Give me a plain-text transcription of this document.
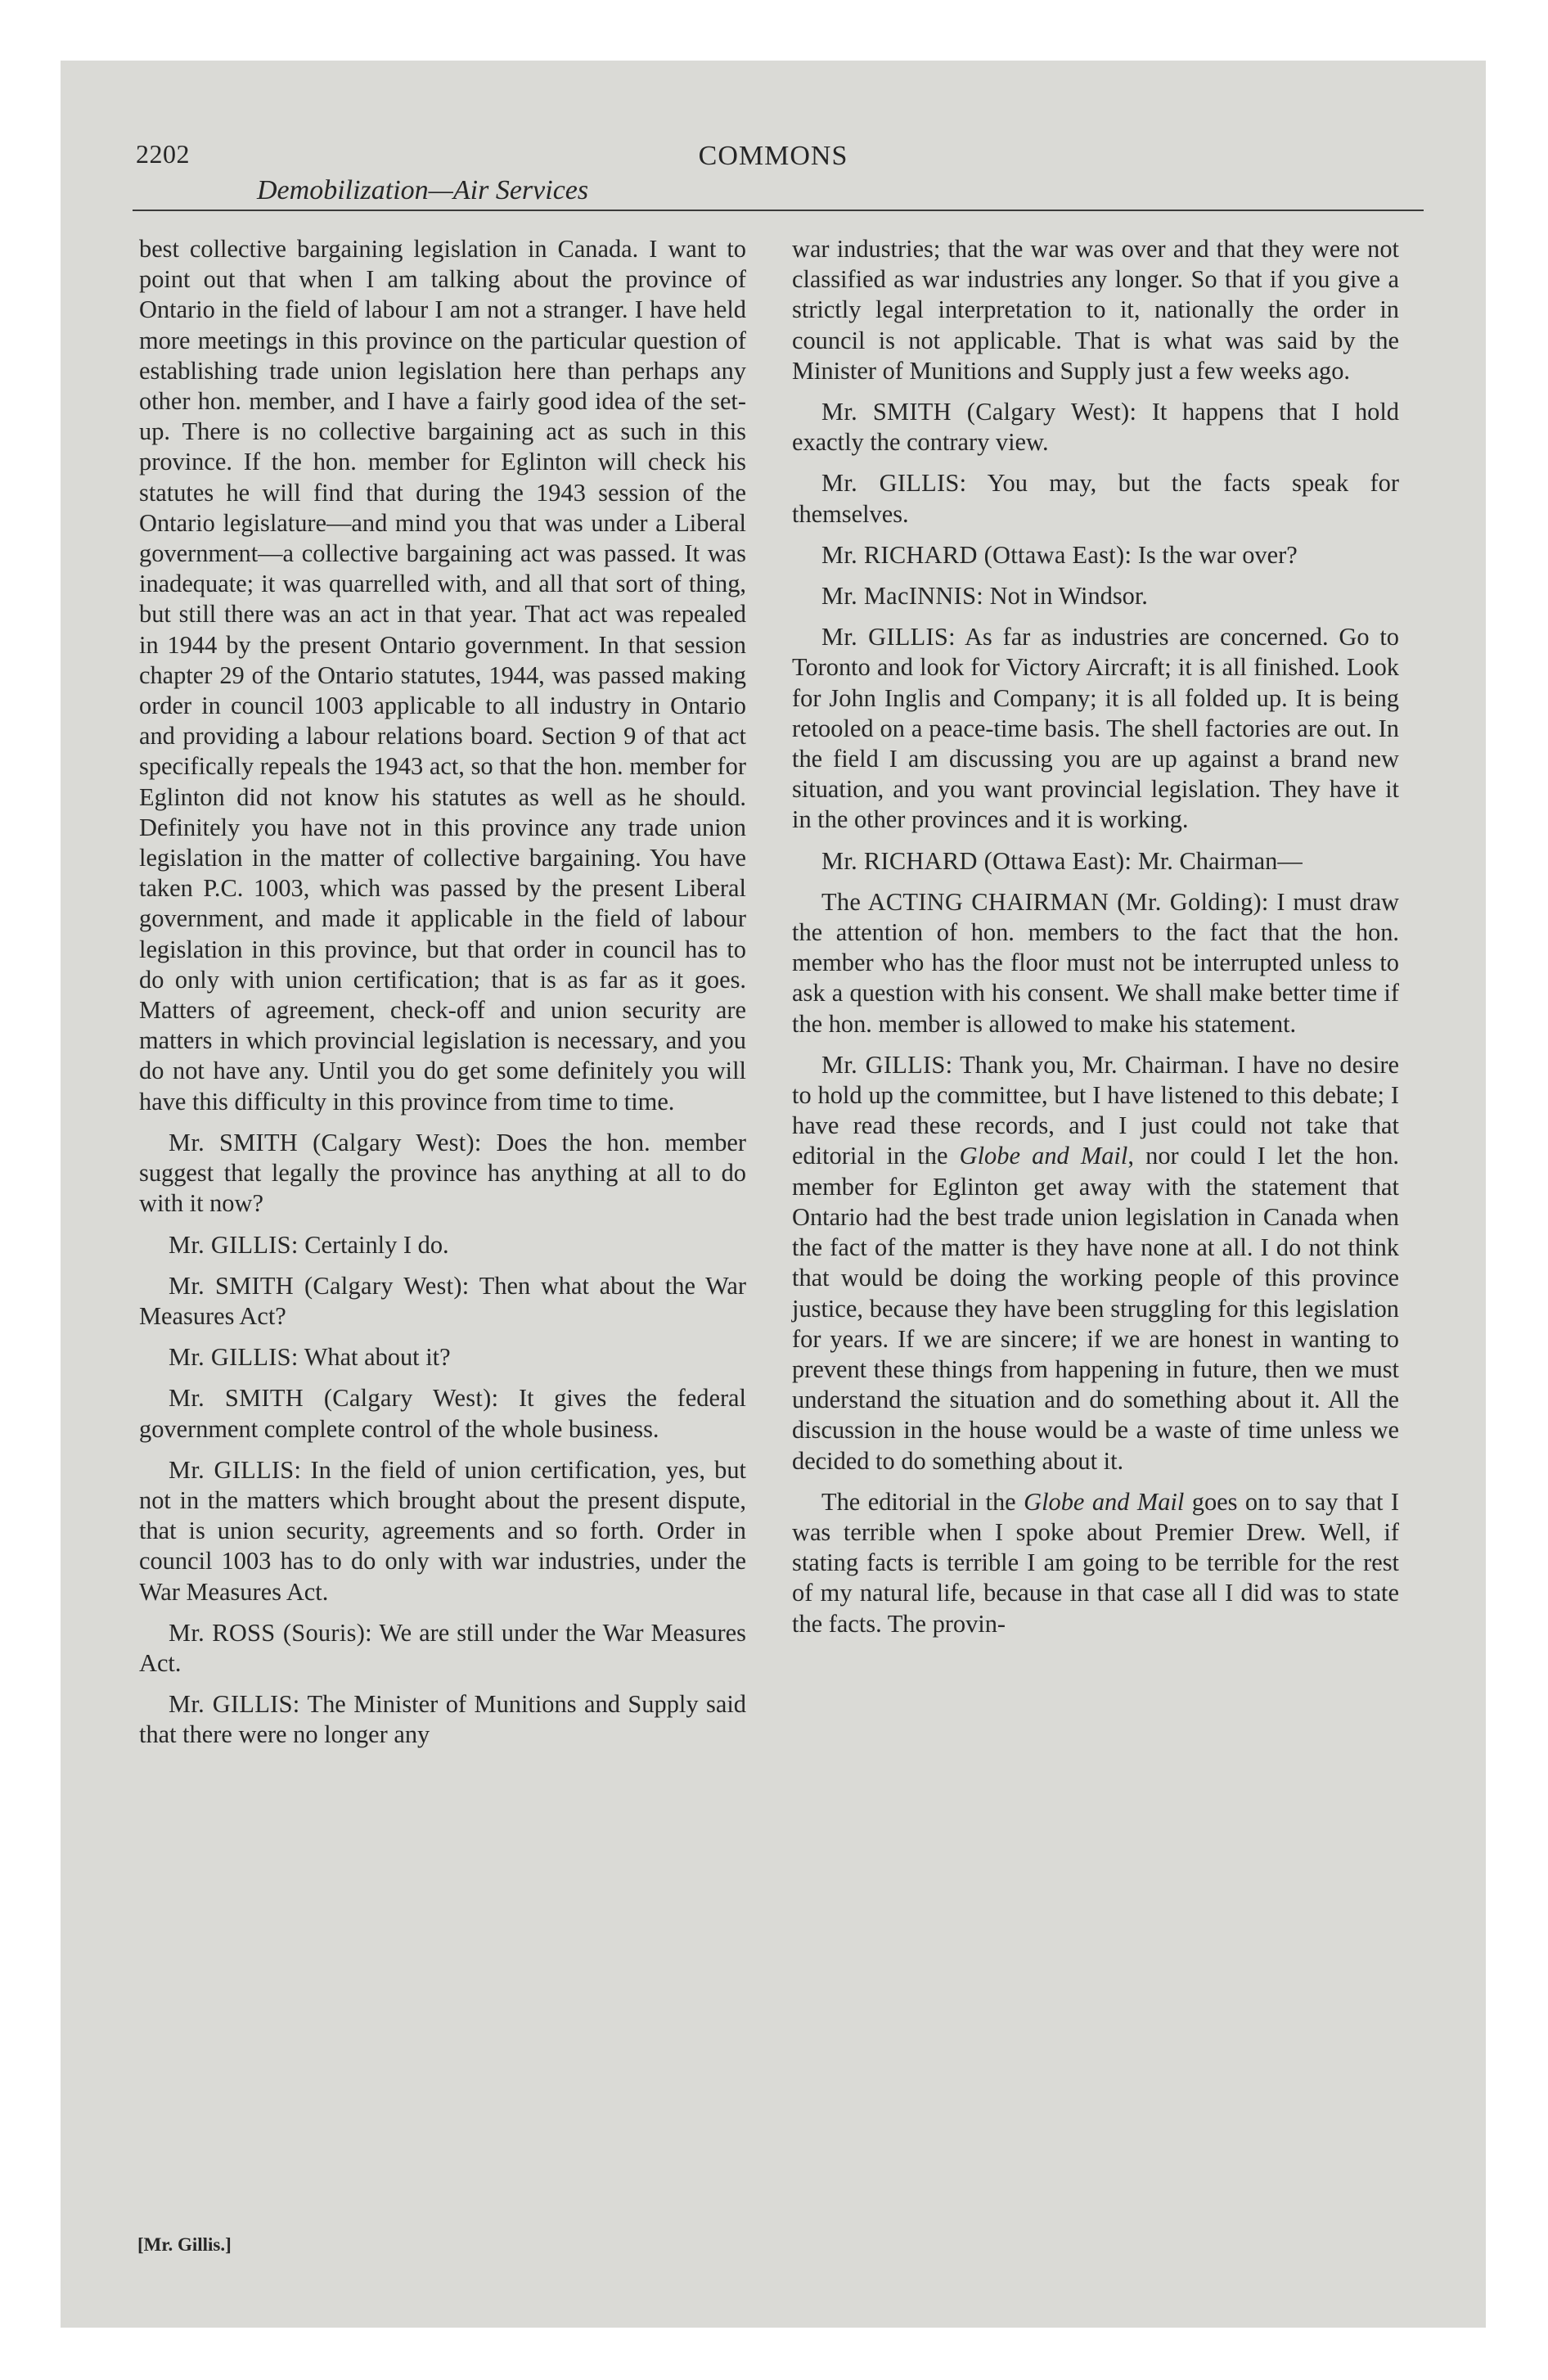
2202	COMMONS
Demobilization—Air Services

best collective bargaining legislation in Canada. I want to point out that when I am talking about the province of Ontario in the field of labour I am not a stranger. I have held more meetings in this province on the particular question of establishing trade union legislation here than perhaps any other hon. member, and I have a fairly good idea of the set-up. There is no collective bargaining act as such in this province. If the hon. member for Eglinton will check his statutes he will find that during the 1943 session of the Ontario legislature—and mind you that was under a Liberal government—a collective bargaining act was passed. It was inadequate; it was quarrelled with, and all that sort of thing, but still there was an act in that year. That act was repealed in 1944 by the present Ontario government. In that session chapter 29 of the Ontario statutes, 1944, was passed making order in council 1003 applicable to all industry in Ontario and providing a labour relations board. Section 9 of that act specifically repeals the 1943 act, so that the hon. member for Eglinton did not know his statutes as well as he should. Definitely you have not in this province any trade union legislation in the matter of collective bargaining. You have taken P.C. 1003, which was passed by the present Liberal government, and made it applicable in the field of labour legislation in this province, but that order in council has to do only with union certification; that is as far as it goes. Matters of agreement, check-off and union security are matters in which provincial legislation is necessary, and you do not have any. Until you do get some definitely you will have this difficulty in this province from time to time.

Mr. SMITH (Calgary West): Does the hon. member suggest that legally the province has anything at all to do with it now?

Mr. GILLIS: Certainly I do.

Mr. SMITH (Calgary West): Then what about the War Measures Act?

Mr. GILLIS: What about it?

Mr. SMITH (Calgary West): It gives the federal government complete control of the whole business.

Mr. GILLIS: In the field of union certification, yes, but not in the matters which brought about the present dispute, that is union security, agreements and so forth. Order in council 1003 has to do only with war industries, under the War Measures Act.

Mr. ROSS (Souris): We are still under the War Measures Act.

Mr. GILLIS: The Minister of Munitions and Supply said that there were no longer any

war industries; that the war was over and that they were not classified as war industries any longer. So that if you give a strictly legal interpretation to it, nationally the order in council is not applicable. That is what was said by the Minister of Munitions and Supply just a few weeks ago.

Mr. SMITH (Calgary West): It happens that I hold exactly the contrary view.

Mr. GILLIS: You may, but the facts speak for themselves.

Mr. RICHARD (Ottawa East): Is the war over?

Mr. MacINNIS: Not in Windsor.

Mr. GILLIS: As far as industries are concerned. Go to Toronto and look for Victory Aircraft; it is all finished. Look for John Inglis and Company; it is all folded up. It is being retooled on a peace-time basis. The shell factories are out. In the field I am discussing you are up against a brand new situation, and you want provincial legislation. They have it in the other provinces and it is working.

Mr. RICHARD (Ottawa East): Mr. Chairman—

The ACTING CHAIRMAN (Mr. Golding): I must draw the attention of hon. members to the fact that the hon. member who has the floor must not be interrupted unless to ask a question with his consent. We shall make better time if the hon. member is allowed to make his statement.

Mr. GILLIS: Thank you, Mr. Chairman. I have no desire to hold up the committee, but I have listened to this debate; I have read these records, and I just could not take that editorial in the Globe and Mail, nor could I let the hon. member for Eglinton get away with the statement that Ontario had the best trade union legislation in Canada when the fact of the matter is they have none at all. I do not think that would be doing the working people of this province justice, because they have been struggling for this legislation for years. If we are sincere; if we are honest in wanting to prevent these things from happening in future, then we must understand the situation and do something about it. All the discussion in the house would be a waste of time unless we decided to do something about it.

The editorial in the Globe and Mail goes on to say that I was terrible when I spoke about Premier Drew. Well, if stating facts is terrible I am going to be terrible for the rest of my natural life, because in that case all I did was to state the facts. The provin-

[Mr. Gillis.]
